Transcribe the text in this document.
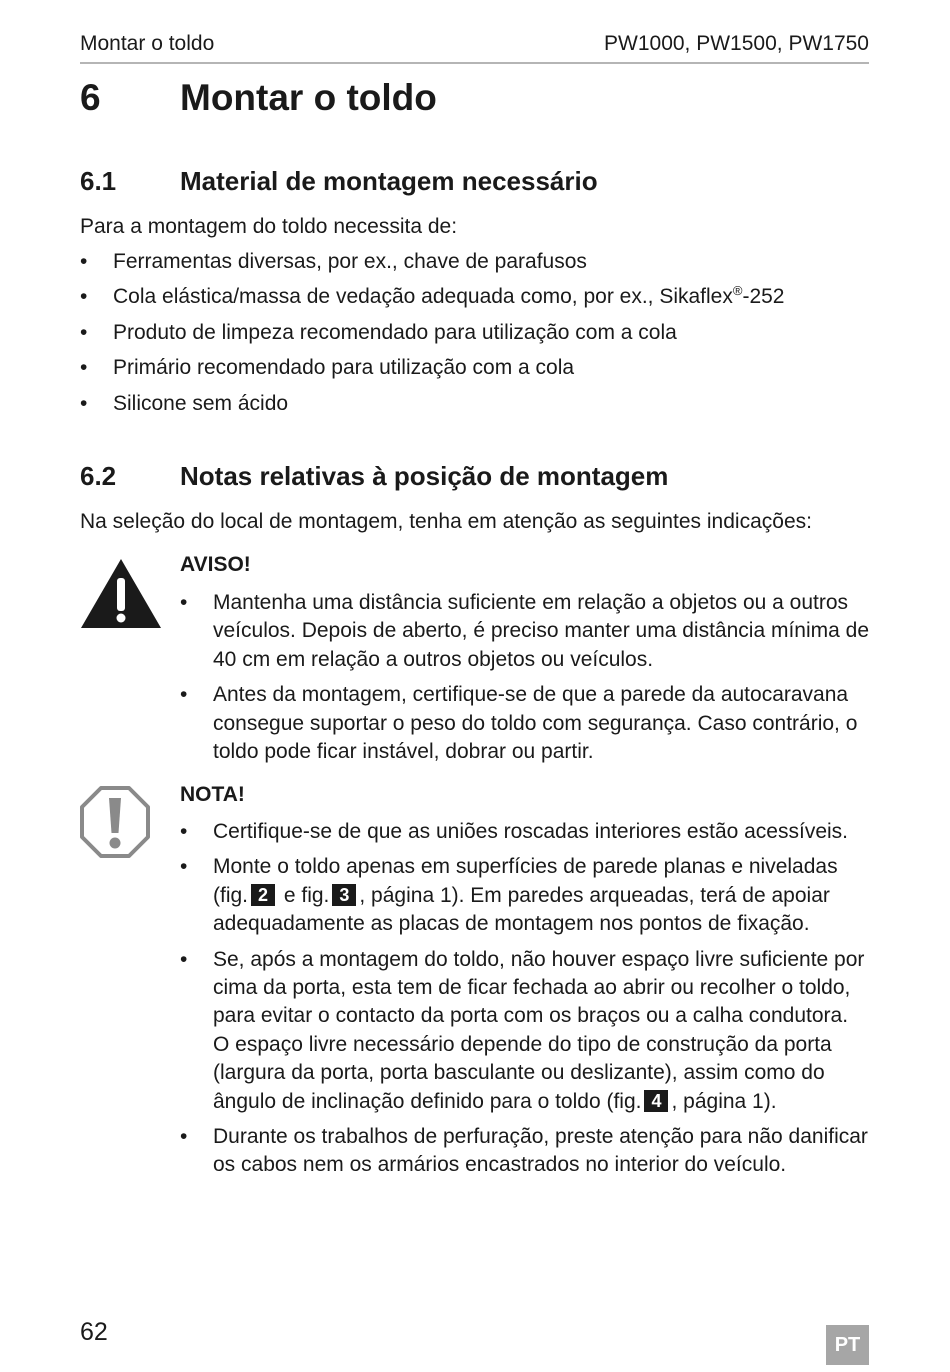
Montar o toldo	PW1000, PW1500, PW1750
6 Montar o toldo
6.1 Material de montagem necessário

Para a montagem do toldo necessita de:

• Ferramentas diversas, por ex., chave de parafusos
• Cola elástica/massa de vedação adequada como, por ex., Sikaflex®-252
• Produto de limpeza recomendado para utilização com a cola
• Primário recomendado para utilização com a cola
• Silicone sem ácido
6.2 Notas relativas à posição de montagem

Na seleção do local de montagem, tenha em atenção as seguintes indicações:

AVISO!
• Mantenha uma distância suficiente em relação a objetos ou a outros veículos. Depois de aberto, é preciso manter uma distância mínima de 40 cm em relação a outros objetos ou veículos.
• Antes da montagem, certifique-se de que a parede da autocaravana consegue suportar o peso do toldo com segurança. Caso contrário, o toldo pode ficar instável, dobrar ou partir.
NOTA!
• Certifique-se de que as uniões roscadas interiores estão acessíveis.
• Monte o toldo apenas em superfícies de parede planas e niveladas (fig. 2 e fig. 3 , página 1). Em paredes arqueadas, terá de apoiar adequadamente as placas de montagem nos pontos de fixação.
• Se, após a montagem do toldo, não houver espaço livre suficiente por cima da porta, esta tem de ficar fechada ao abrir ou recolher o toldo, para evitar o contacto da porta com os braços ou a calha condutora. O espaço livre necessário depende do tipo de construção da porta (largura da porta, porta basculante ou deslizante), assim como do ângulo de inclinação definido para o toldo (fig. 4 , página 1).
• Durante os trabalhos de perfuração, preste atenção para não danificar os cabos nem os armários encastrados no interior do veículo.
62	PT
